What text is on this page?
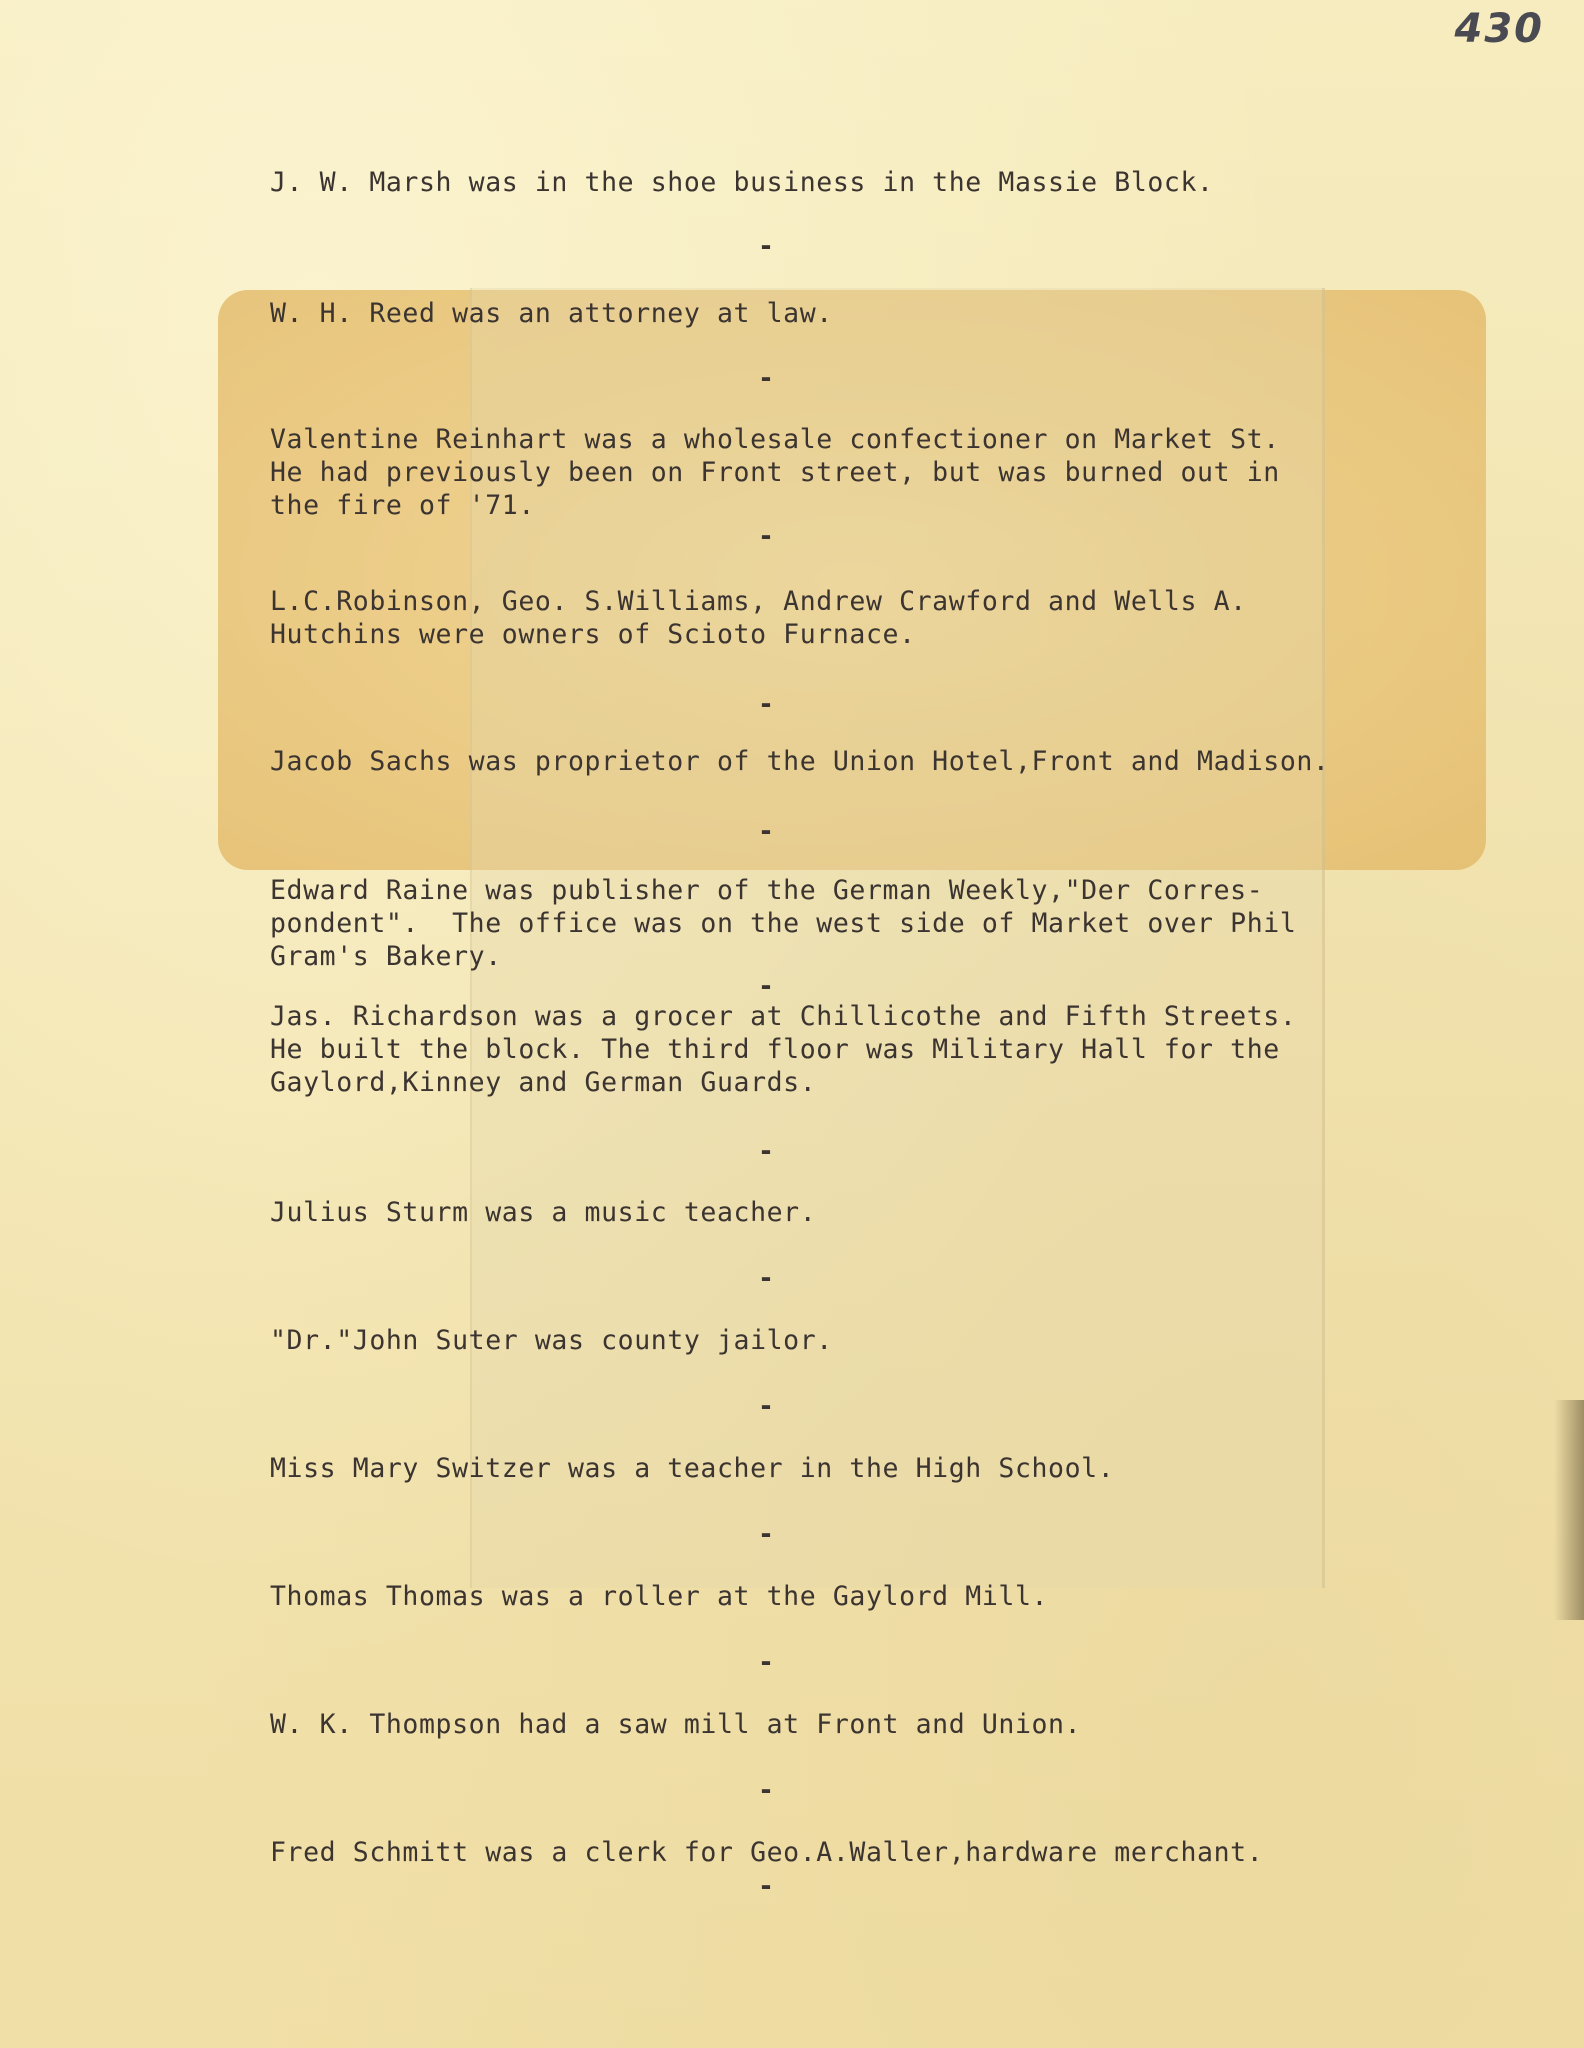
430

J. W. Marsh was in the shoe business in the Massie Block.

-

W. H. Reed was an attorney at law.

-

Valentine Reinhart was a wholesale confectioner on Market St.
He had previously been on Front street, but was burned out in
the fire of '71.

-

L.C.Robinson, Geo. S.Williams, Andrew Crawford and Wells A.
Hutchins were owners of Scioto Furnace.

-

Jacob Sachs was proprietor of the Union Hotel,Front and Madison.

-

Edward Raine was publisher of the German Weekly,"Der Corres-
pondent".  The office was on the west side of Market over Phil
Gram's Bakery.

-

Jas. Richardson was a grocer at Chillicothe and Fifth Streets.
He built the block. The third floor was Military Hall for the
Gaylord,Kinney and German Guards.

-

Julius Sturm was a music teacher.

-

"Dr."John Suter was county jailor.

-

Miss Mary Switzer was a teacher in the High School.

-

Thomas Thomas was a roller at the Gaylord Mill.

-

W. K. Thompson had a saw mill at Front and Union.

-

Fred Schmitt was a clerk for Geo.A.Waller,hardware merchant.

-
